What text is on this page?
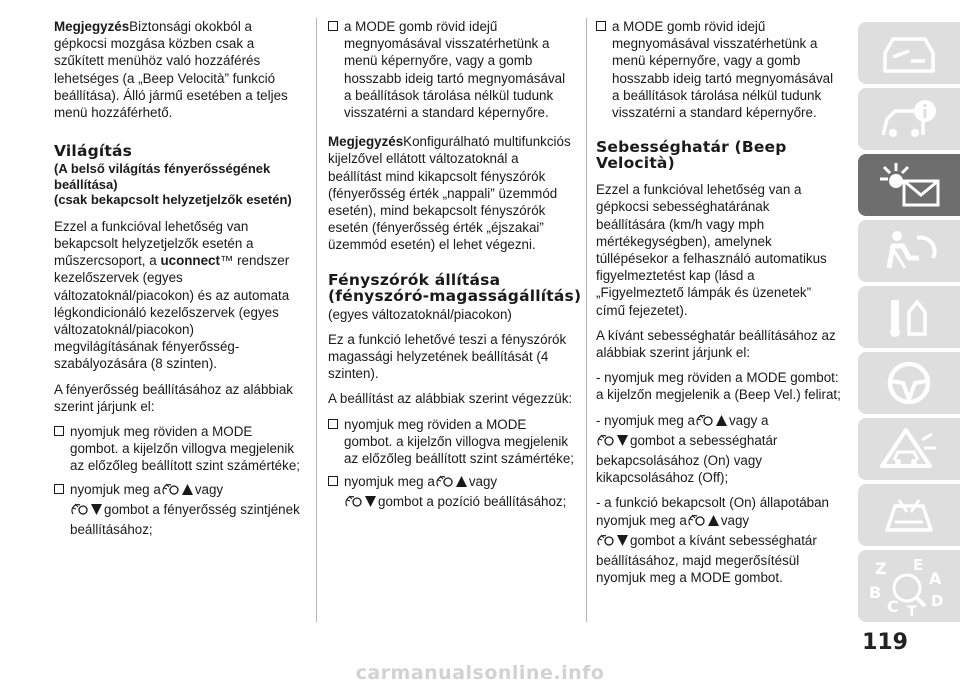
MegjegyzésBiztonsági okokból a gépkocsi mozgása közben csak a szűkített menühöz való hozzáférés lehetséges (a „Beep Velocità” funkció beállítása). Álló jármű esetében a teljes menü hozzáférhető.

Világítás
(A belső világítás fényerősségének beállítása)
(csak bekapcsolt helyzetjelzők esetén)

Ezzel a funkcióval lehetőség van bekapcsolt helyzetjelzők esetén a műszercsoport, a uconnect™ rendszer kezelőszervek (egyes változatoknál/piacokon) és az automata légkondicionáló kezelőszervek (egyes változatoknál/piacokon) megvilágításának fényerősség-szabályozására (8 szinten).

A fényerősség beállításához az alábbiak szerint járjunk el:

nyomjuk meg röviden a MODE gombot. a kijelzőn villogva megjelenik az előzőleg beállított szint számértéke;
nyomjuk meg a	vagy
gombot a fényerősség szintjének beállításához;
a MODE gomb rövid idejű megnyomásával visszatérhetünk a menü képernyőre, vagy a gomb hosszabb ideig tartó megnyomásával a beállítások tárolása nélkül tudunk visszatérni a standard képernyőre.

MegjegyzésKonfigurálható multifunkciós kijelzővel ellátott változatoknál a beállítást mind kikapcsolt fényszórók (fényerősség érték „nappali” üzemmód esetén), mind bekapcsolt fényszórók esetén (fényerősség érték „éjszakai” üzemmód esetén) el lehet végezni.

Fényszórók állítása
(fényszóró-magasságállítás)

(egyes változatoknál/piacokon)

Ez a funkció lehetővé teszi a fényszórók magassági helyzetének beállítását (4 szinten).

A beállítást az alábbiak szerint végezzük:

nyomjuk meg röviden a MODE gombot. a kijelzőn villogva megjelenik az előzőleg beállított szint számértéke;
nyomjuk meg a	vagy
gombot a pozíció beállításához;
a MODE gomb rövid idejű megnyomásával visszatérhetünk a menü képernyőre, vagy a gomb hosszabb ideig tartó megnyomásával a beállítások tárolása nélkül tudunk visszatérni a standard képernyőre.
Sebességhatár (Beep
Velocità)

Ezzel a funkcióval lehetőség van a gépkocsi sebességhatárának beállítására (km/h vagy mph mértékegységben), amelynek túllépésekor a felhasználó automatikus figyelmeztetést kap (lásd a „Figyelmeztető lámpák és üzenetek” című fejezetet).

A kívánt sebességhatár beállításához az alábbiak szerint járjunk el:

- nyomjuk meg röviden a MODE gombot: a kijelzőn megjelenik a (Beep Vel.) felirat;

- nyomjuk meg a	vagy a
gombot a sebességhatár bekapcsolásához (On) vagy kikapcsolásához (Off);

- a funkció bekapcsolt (On) állapotában nyomjuk meg a	vagy
gombot a kívánt sebességhatár beállításához, majd megerősítésül nyomjuk meg a MODE gombot.	Z E
A
B
C T
D
119
carmanualsonline.info
